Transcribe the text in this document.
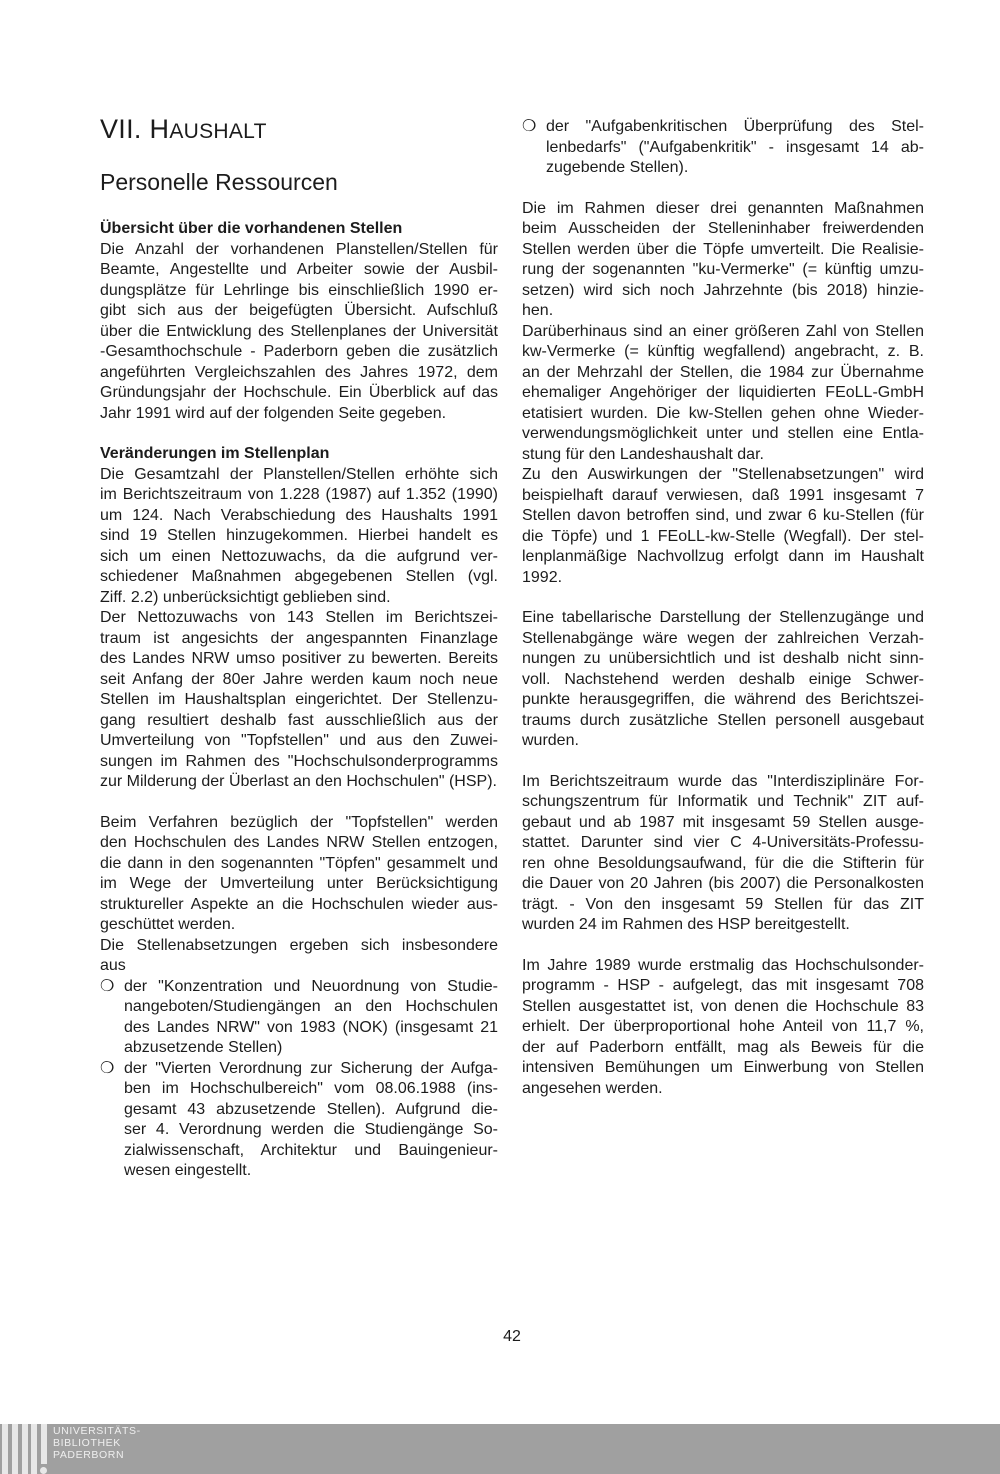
VII. HAUSHALT
Personelle Ressourcen
Übersicht über die vorhandenen Stellen
Die Anzahl der vorhandenen Planstellen/Stellen für
Beamte, Angestellte und Arbeiter sowie der Ausbil-
dungsplätze für Lehrlinge bis einschließlich 1990 er-
gibt sich aus der beigefügten Übersicht. Aufschluß
über die Entwicklung des Stellenplanes der Universität
-Gesamthochschule - Paderborn geben die zusätzlich
angeführten Vergleichszahlen des Jahres 1972, dem
Gründungsjahr der Hochschule. Ein Überblick auf das
Jahr 1991 wird auf der folgenden Seite gegeben.
Veränderungen im Stellenplan
Die Gesamtzahl der Planstellen/Stellen erhöhte sich
im Berichtszeitraum von 1.228 (1987) auf 1.352 (1990)
um 124. Nach Verabschiedung des Haushalts 1991
sind 19 Stellen hinzugekommen. Hierbei handelt es
sich um einen Nettozuwachs, da die aufgrund ver-
schiedener Maßnahmen abgegebenen Stellen (vgl.
Ziff. 2.2) unberücksichtigt geblieben sind.
Der Nettozuwachs von 143 Stellen im Berichtszei-
traum ist angesichts der angespannten Finanzlage
des Landes NRW umso positiver zu bewerten. Bereits
seit Anfang der 80er Jahre werden kaum noch neue
Stellen im Haushaltsplan eingerichtet. Der Stellenzu-
gang resultiert deshalb fast ausschließlich aus der
Umverteilung von "Topfstellen" und aus den Zuwei-
sungen im Rahmen des "Hochschulsonderprogramms
zur Milderung der Überlast an den Hochschulen" (HSP).
Beim Verfahren bezüglich der "Topfstellen" werden
den Hochschulen des Landes NRW Stellen entzogen,
die dann in den sogenannten "Töpfen" gesammelt und
im Wege der Umverteilung unter Berücksichtigung
struktureller Aspekte an die Hochschulen wieder aus-
geschüttet werden.
Die Stellenabsetzungen ergeben sich insbesondere
aus
❍ der "Konzentration und Neuordnung von Studie-
nangeboten/Studiengängen an den Hochschulen
des Landes NRW" von 1983 (NOK) (insgesamt 21
abzusetzende Stellen)
❍ der "Vierten Verordnung zur Sicherung der Aufga-
ben im Hochschulbereich" vom 08.06.1988 (ins-
gesamt 43 abzusetzende Stellen). Aufgrund die-
ser 4. Verordnung werden die Studiengänge So-
zialwissenschaft, Architektur und Bauingenieur-
wesen eingestellt.
❍ der "Aufgabenkritischen Überprüfung des Stel-
lenbedarfs" ("Aufgabenkritik" - insgesamt 14 ab-
zugebende Stellen).
Die im Rahmen dieser drei genannten Maßnahmen
beim Ausscheiden der Stelleninhaber freiwerdenden
Stellen werden über die Töpfe umverteilt. Die Realisie-
rung der sogenannten "ku-Vermerke" (= künftig umzu-
setzen) wird sich noch Jahrzehnte (bis 2018) hinzie-
hen.
Darüberhinaus sind an einer größeren Zahl von Stellen
kw-Vermerke (= künftig wegfallend) angebracht, z. B.
an der Mehrzahl der Stellen, die 1984 zur Übernahme
ehemaliger Angehöriger der liquidierten FEoLL-GmbH
etatisiert wurden. Die kw-Stellen gehen ohne Wieder-
verwendungsmöglichkeit unter und stellen eine Entla-
stung für den Landeshaushalt dar.
Zu den Auswirkungen der "Stellenabsetzungen" wird
beispielhaft darauf verwiesen, daß 1991 insgesamt 7
Stellen davon betroffen sind, und zwar 6 ku-Stellen (für
die Töpfe) und 1 FEoLL-kw-Stelle (Wegfall). Der stel-
lenplanmäßige Nachvollzug erfolgt dann im Haushalt
1992.
Eine tabellarische Darstellung der Stellenzugänge und
Stellenabgänge wäre wegen der zahlreichen Verzah-
nungen zu unübersichtlich und ist deshalb nicht sinn-
voll. Nachstehend werden deshalb einige Schwer-
punkte herausgegriffen, die während des Berichtszei-
traums durch zusätzliche Stellen personell ausgebaut
wurden.
Im Berichtszeitraum wurde das "Interdisziplinäre For-
schungszentrum für Informatik und Technik" ZIT auf-
gebaut und ab 1987 mit insgesamt 59 Stellen ausge-
stattet. Darunter sind vier C 4-Universitäts-Professu-
ren ohne Besoldungsaufwand, für die die Stifterin für
die Dauer von 20 Jahren (bis 2007) die Personalkosten
trägt. - Von den insgesamt 59 Stellen für das ZIT
wurden 24 im Rahmen des HSP bereitgestellt.
Im Jahre 1989 wurde erstmalig das Hochschulsonder-
programm - HSP - aufgelegt, das mit insgesamt 708
Stellen ausgestattet ist, von denen die Hochschule 83
erhielt. Der überproportional hohe Anteil von 11,7 %,
der auf Paderborn entfällt, mag als Beweis für die
intensiven Bemühungen um Einwerbung von Stellen
angesehen werden.
42
UNIVERSITÄTS-
BIBLIOTHEK
PADERBORN
